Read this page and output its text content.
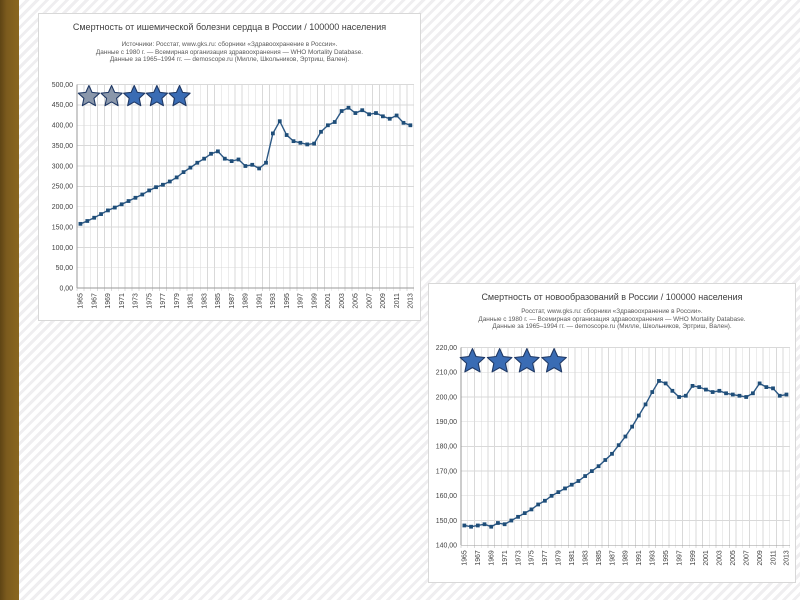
Смертность от ишемической болезни сердца в России / 100000 населения
Источники: Росстат, www.gks.ru: сборники «Здравоохранение в России».
Данные с 1980 г. — Всемирная организация здравоохранения — WHO Mortality Database.
Данные за 1965–1994 гг. — demoscope.ru (Милле, Школьников, Эртриш, Вален).
0,00
50,00
100,00
150,00
200,00
250,00
300,00
350,00
400,00
450,00
500,00
1965 1967 1969 1971 1973 1975 1977 1979 1981 1983 1985 1987 1989 1991 1993 1995 1997 1999 2001 2003 2005 2007 2009 2011 2013	Смертность от новообразований в России / 100000 населения
Росстат, www.gks.ru: сборники «Здравоохранение в России».
Данные с 1980 г. — Всемирная организация здравоохранения — WHO Mortality Database.
Данные за 1965–1994 гг. — demoscope.ru (Милле, Школьников, Эртриш, Вален).
140,00
150,00
160,00
170,00
180,00
190,00
200,00
210,00
220,00
1965 1967 1969 1971 1973 1975 1977 1979 1981 1983 1985 1987 1989 1991 1993 1995 1997 1999 2001 2003 2005 2007 2009 2011 2013
